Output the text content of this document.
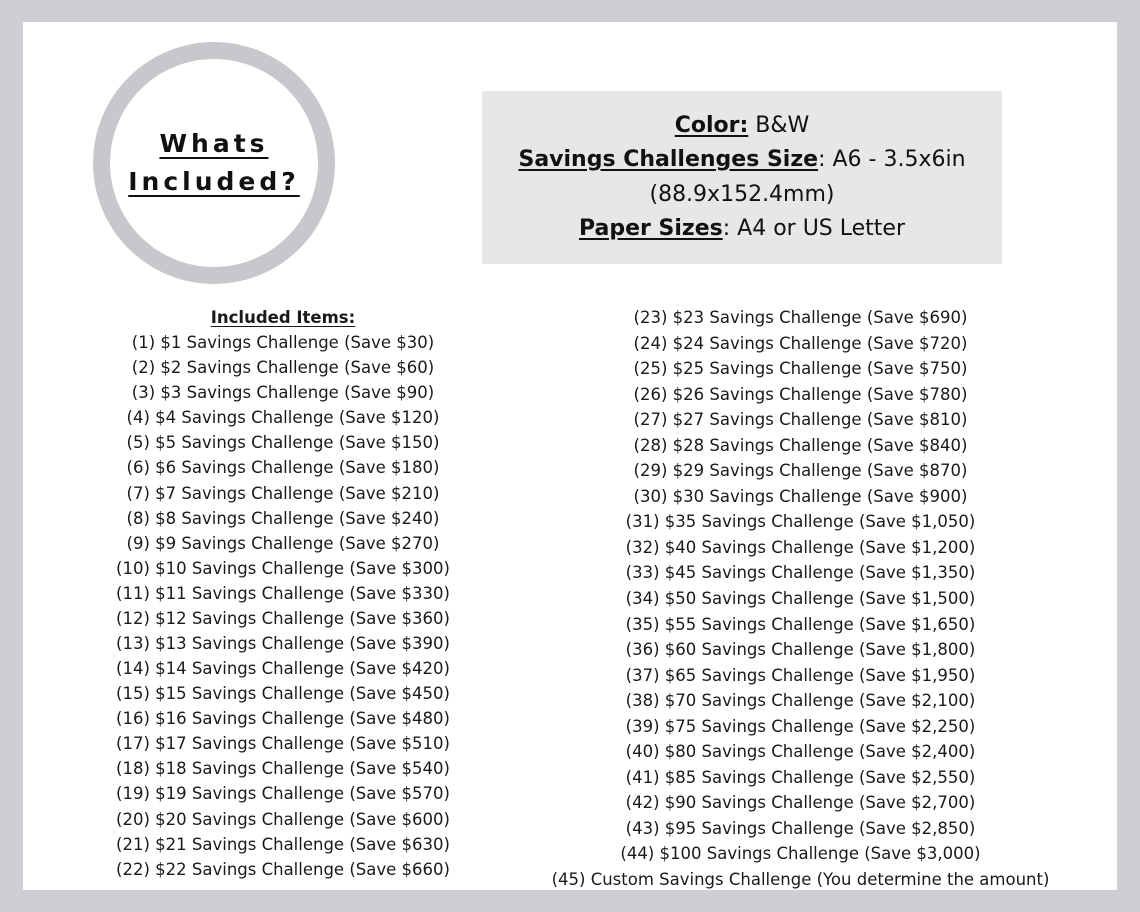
Whats
Included?
Color: B&W
Savings Challenges Size: A6 - 3.5x6in
(88.9x152.4mm)
Paper Sizes: A4 or US Letter
Included Items:
(1) $1 Savings Challenge (Save $30)
(2) $2 Savings Challenge (Save $60)
(3) $3 Savings Challenge (Save $90)
(4) $4 Savings Challenge (Save $120)
(5) $5 Savings Challenge (Save $150)
(6) $6 Savings Challenge (Save $180)
(7) $7 Savings Challenge (Save $210)
(8) $8 Savings Challenge (Save $240)
(9) $9 Savings Challenge (Save $270)
(10) $10 Savings Challenge (Save $300)
(11) $11 Savings Challenge (Save $330)
(12) $12 Savings Challenge (Save $360)
(13) $13 Savings Challenge (Save $390)
(14) $14 Savings Challenge (Save $420)
(15) $15 Savings Challenge (Save $450)
(16) $16 Savings Challenge (Save $480)
(17) $17 Savings Challenge (Save $510)
(18) $18 Savings Challenge (Save $540)
(19) $19 Savings Challenge (Save $570)
(20) $20 Savings Challenge (Save $600)
(21) $21 Savings Challenge (Save $630)
(22) $22 Savings Challenge (Save $660)
(23) $23 Savings Challenge (Save $690)
(24) $24 Savings Challenge (Save $720)
(25) $25 Savings Challenge (Save $750)
(26) $26 Savings Challenge (Save $780)
(27) $27 Savings Challenge (Save $810)
(28) $28 Savings Challenge (Save $840)
(29) $29 Savings Challenge (Save $870)
(30) $30 Savings Challenge (Save $900)
(31) $35 Savings Challenge (Save $1,050)
(32) $40 Savings Challenge (Save $1,200)
(33) $45 Savings Challenge (Save $1,350)
(34) $50 Savings Challenge (Save $1,500)
(35) $55 Savings Challenge (Save $1,650)
(36) $60 Savings Challenge (Save $1,800)
(37) $65 Savings Challenge (Save $1,950)
(38) $70 Savings Challenge (Save $2,100)
(39) $75 Savings Challenge (Save $2,250)
(40) $80 Savings Challenge (Save $2,400)
(41) $85 Savings Challenge (Save $2,550)
(42) $90 Savings Challenge (Save $2,700)
(43) $95 Savings Challenge (Save $2,850)
(44) $100 Savings Challenge (Save $3,000)
(45) Custom Savings Challenge (You determine the amount)
